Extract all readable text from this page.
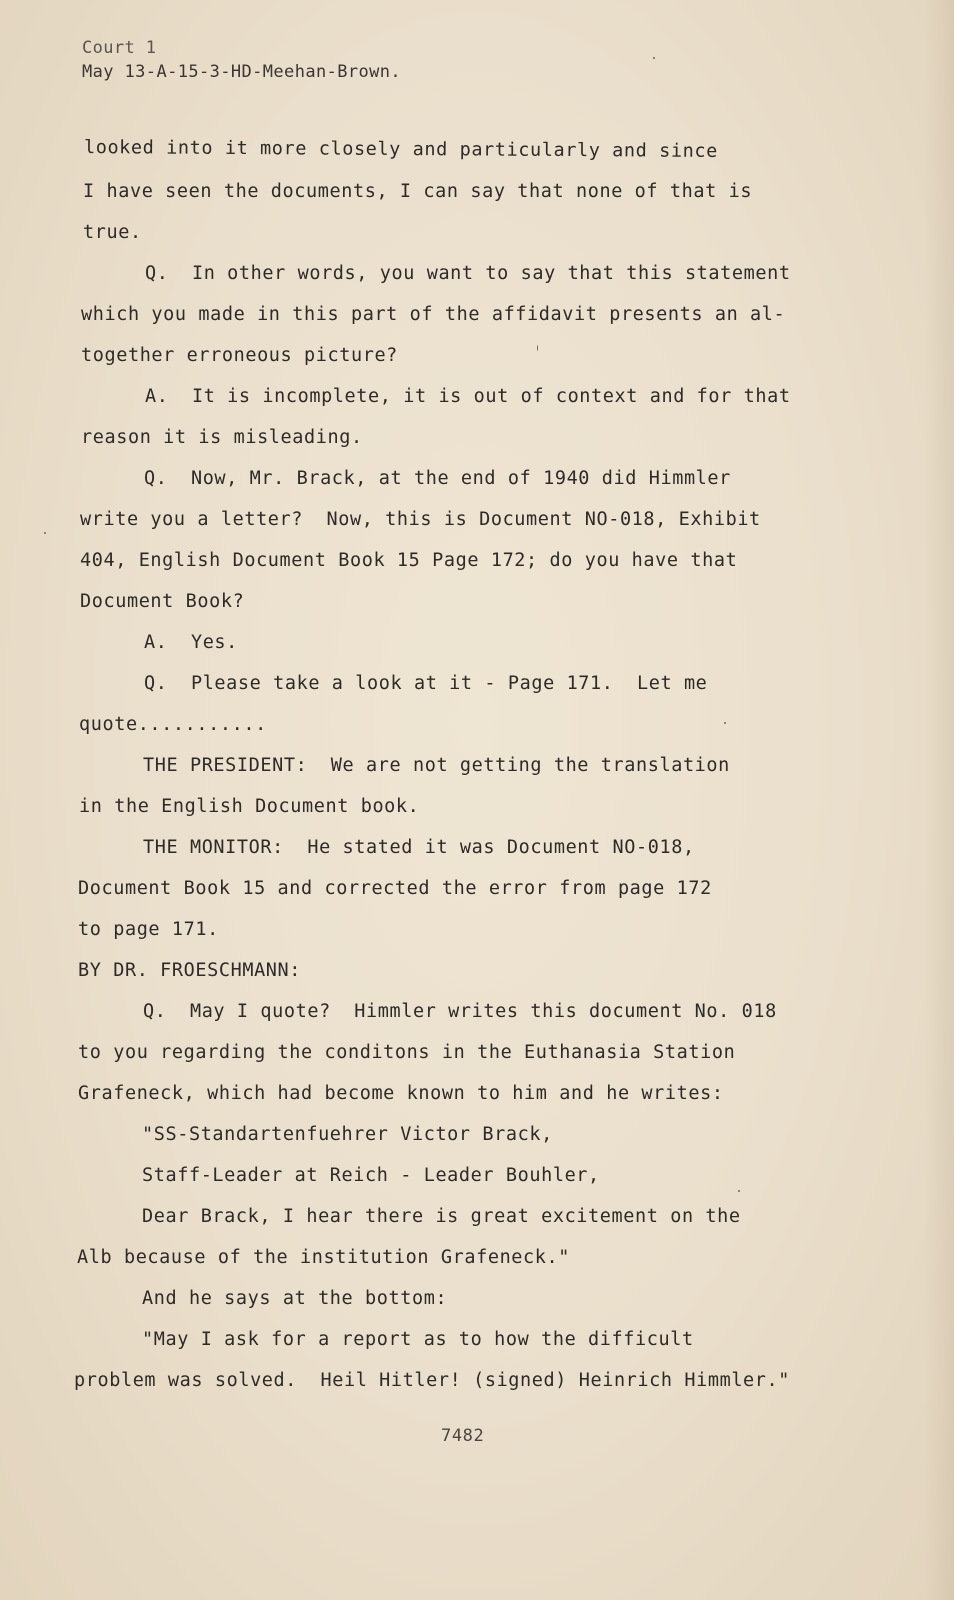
Court 1
May 13-A-15-3-HD-Meehan-Brown.
looked into it more closely and particularly and since
I have seen the documents, I can say that none of that is
true.
Q.  In other words, you want to say that this statement
which you made in this part of the affidavit presents an al-
together erroneous picture?
A.  It is incomplete, it is out of context and for that
reason it is misleading.
Q.  Now, Mr. Brack, at the end of 1940 did Himmler
write you a letter?  Now, this is Document NO-018, Exhibit
404, English Document Book 15 Page 172; do you have that
Document Book?
A.  Yes.
Q.  Please take a look at it - Page 171.  Let me
quote...........
THE PRESIDENT:  We are not getting the translation
in the English Document book.
THE MONITOR:  He stated it was Document NO-018,
Document Book 15 and corrected the error from page 172
to page 171.
BY DR. FROESCHMANN:
Q.  May I quote?  Himmler writes this document No. 018
to you regarding the conditons in the Euthanasia Station
Grafeneck, which had become known to him and he writes:
"SS-Standartenfuehrer Victor Brack,
Staff-Leader at Reich - Leader Bouhler,
Dear Brack, I hear there is great excitement on the
Alb because of the institution Grafeneck."
And he says at the bottom:
"May I ask for a report as to how the difficult
problem was solved.  Heil Hitler! (signed) Heinrich Himmler."
7482
